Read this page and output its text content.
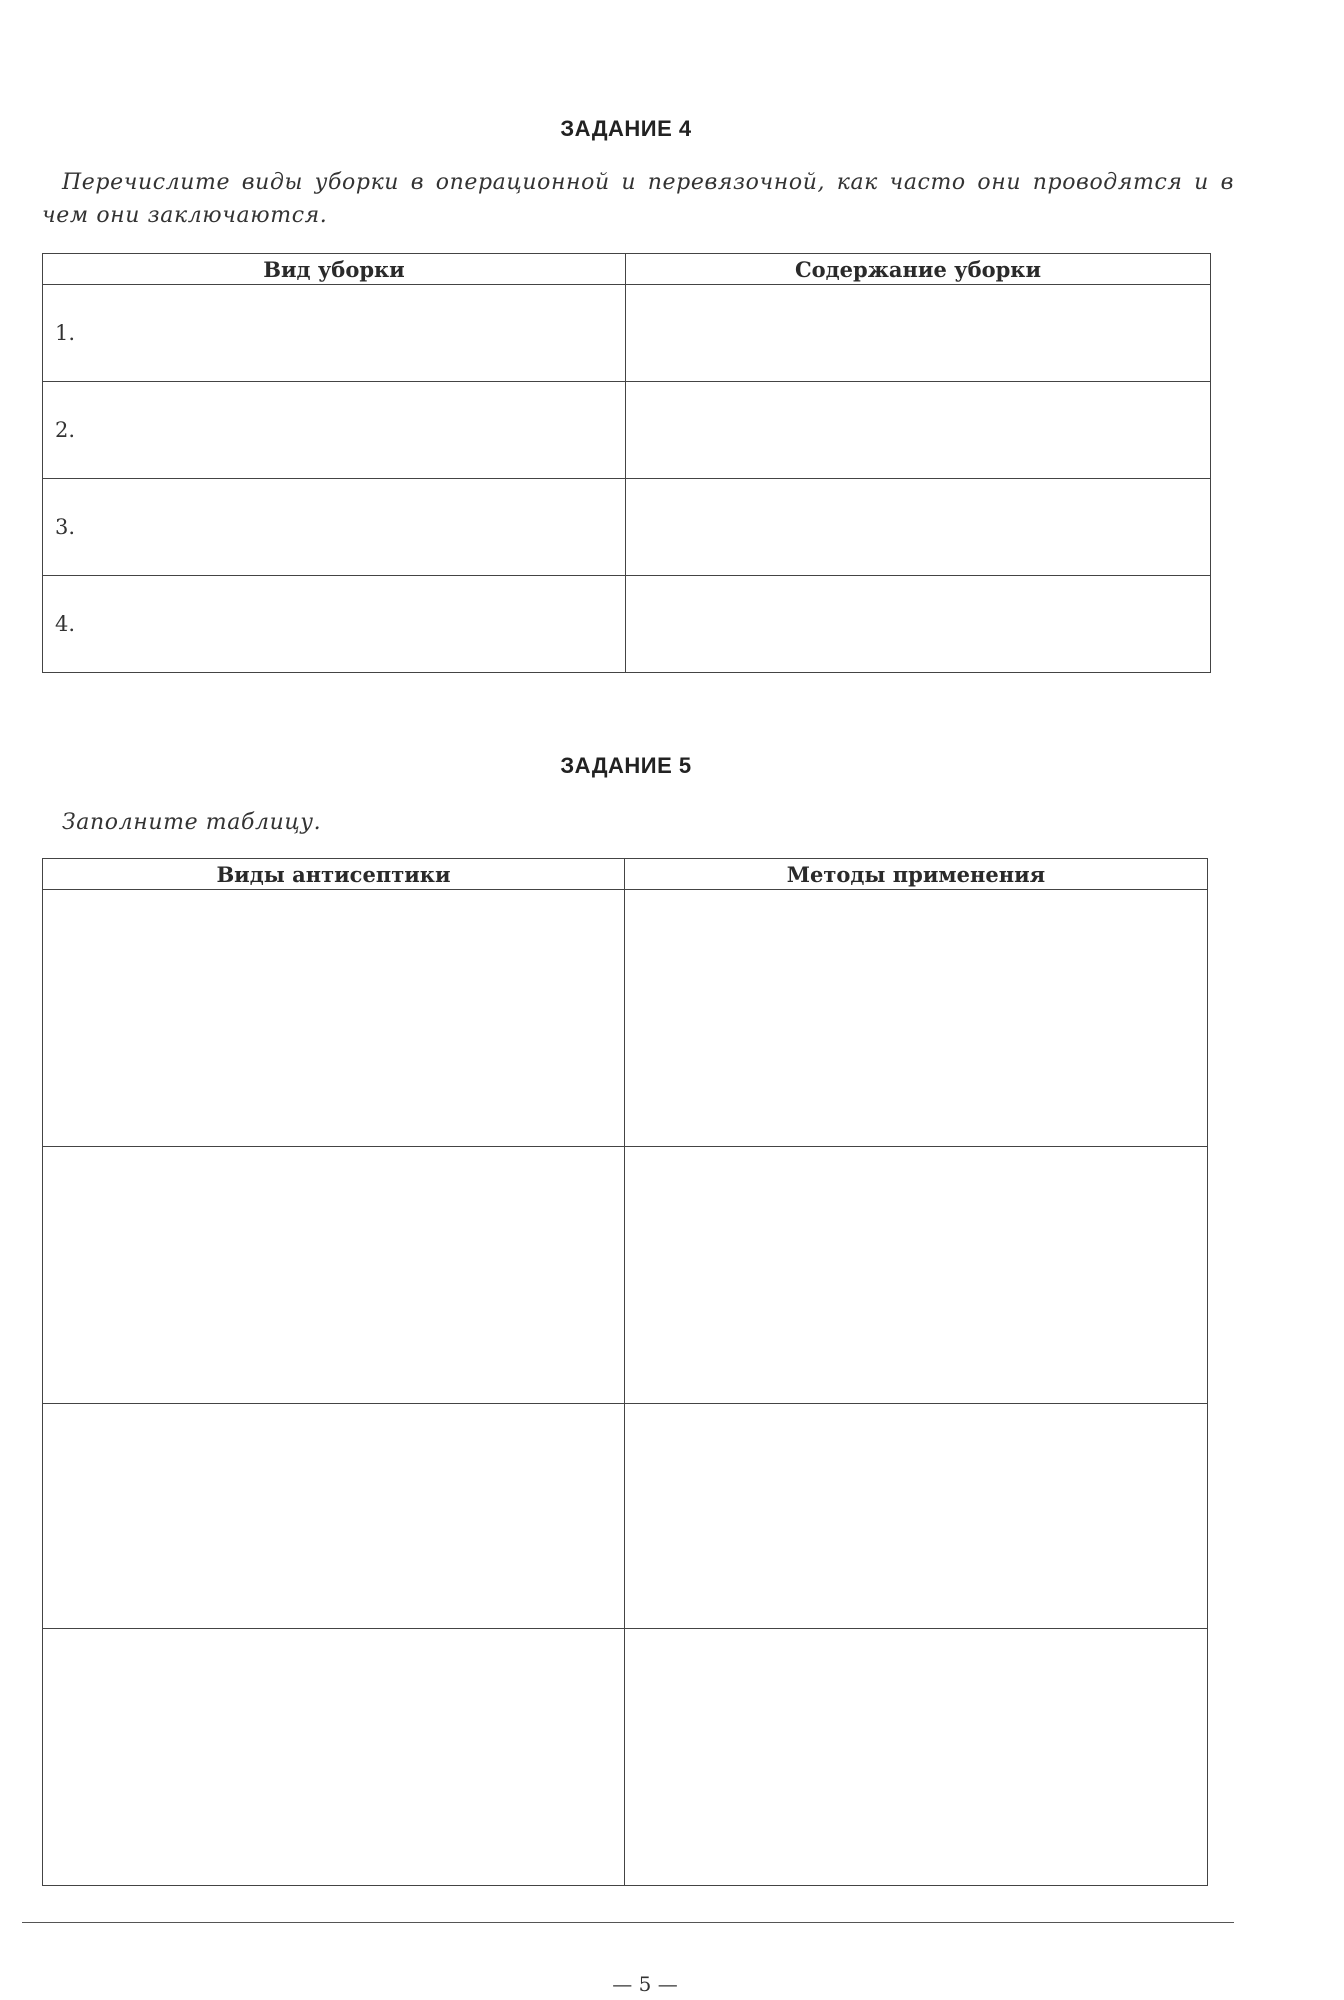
ЗАДАНИЕ 4
Перечислите виды уборки в операционной и перевязочной, как часто они проводятся и в чем они заключаются.
Вид уборки	Содержание уборки
1.	
2.	
3.	
4.	
ЗАДАНИЕ 5
Заполните таблицу.
Виды антисептики	Методы применения

— 5 —
